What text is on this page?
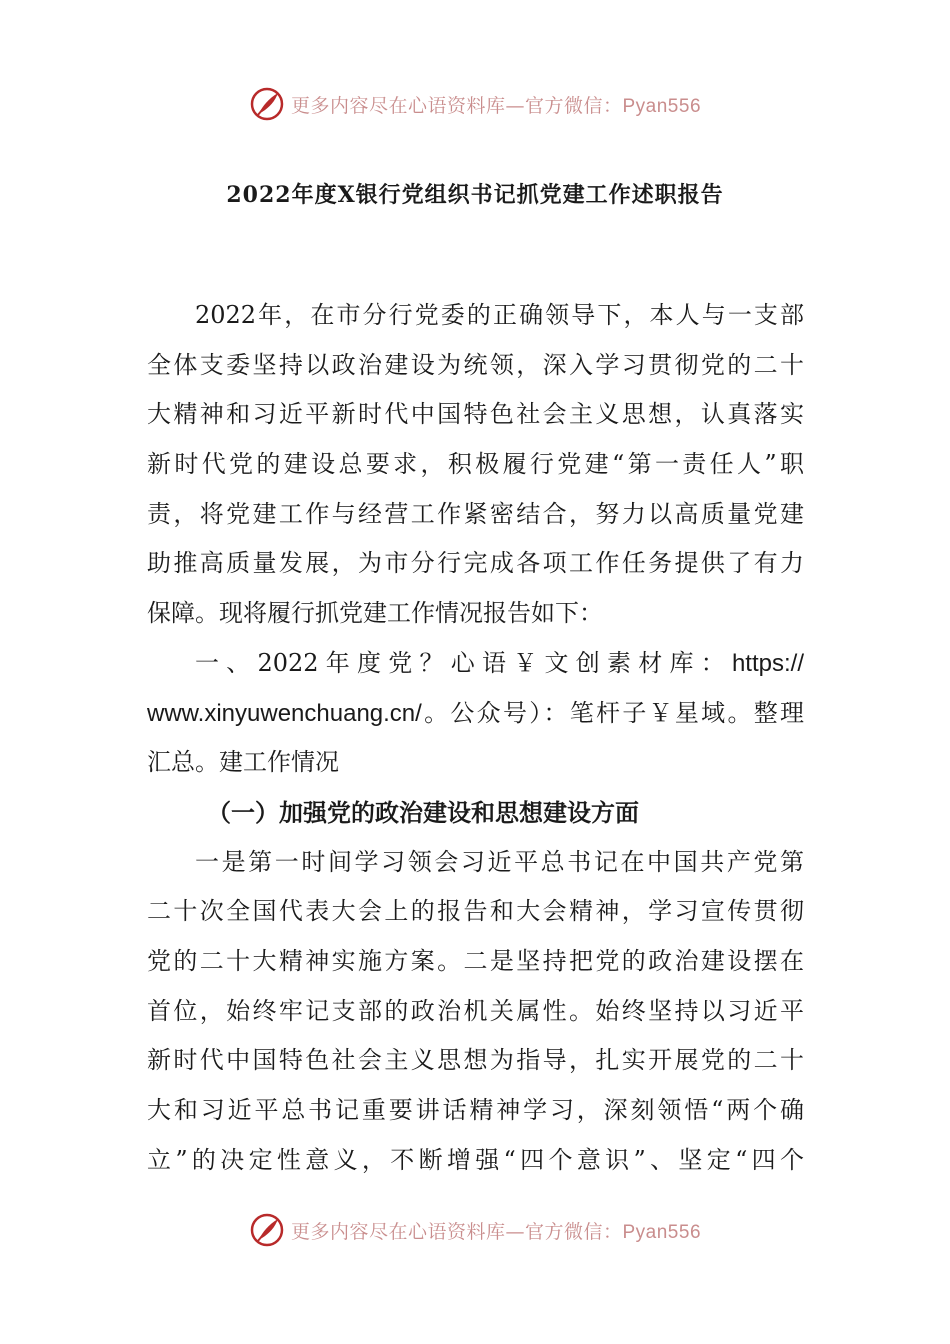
更多内容尽在心语资料库—官方微信：Pyan556
2022年度X银行党组织书记抓党建工作述职报告
2022年，在市分行党委的正确领导下，本人与一支部
全体支委坚持以政治建设为统领，深入学习贯彻党的二十
大精神和习近平新时代中国特色社会主义思想，认真落实
新时代党的建设总要求，积极履行党建“第一责任人”职
责，将党建工作与经营工作紧密结合，努力以高质量党建
助推高质量发展，为市分行完成各项工作任务提供了有力
保障。现将履行抓党建工作情况报告如下：
一、2022年度党？心语￥文创素材库：https://
www.xinyuwenchuang.cn/。公众号）：笔杆子￥星域。整理
汇总。建工作情况
（一）加强党的政治建设和思想建设方面
一是第一时间学习领会习近平总书记在中国共产党第
二十次全国代表大会上的报告和大会精神，学习宣传贯彻
党的二十大精神实施方案。二是坚持把党的政治建设摆在
首位，始终牢记支部的政治机关属性。始终坚持以习近平
新时代中国特色社会主义思想为指导，扎实开展党的二十
大和习近平总书记重要讲话精神学习，深刻领悟“两个确
立”的决定性意义，不断增强“四个意识”、坚定“四个
更多内容尽在心语资料库—官方微信：Pyan556
